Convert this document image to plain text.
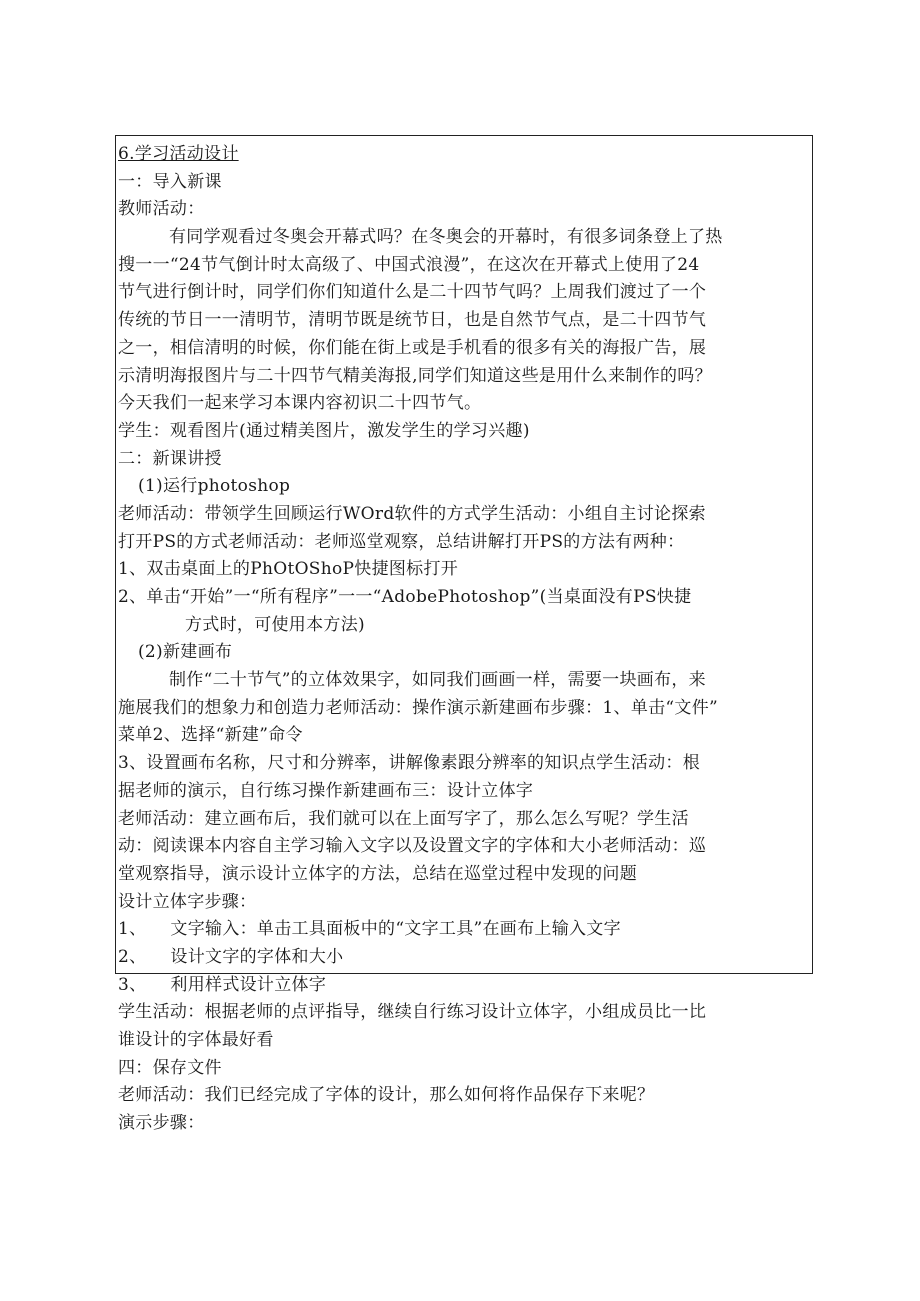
6.学习活动设计
一：导入新课
教师活动：
有同学观看过冬奥会开幕式吗？在冬奥会的开幕时，有很多词条登上了热
搜一一“24节气倒计时太高级了、中国式浪漫”，在这次在开幕式上使用了24
节气进行倒计时，同学们你们知道什么是二十四节气吗？上周我们渡过了一个
传统的节日一一清明节，清明节既是统节日，也是自然节气点，是二十四节气
之一，相信清明的时候，你们能在街上或是手机看的很多有关的海报广告，展
示清明海报图片与二十四节气精美海报,同学们知道这些是用什么来制作的吗？
今天我们一起来学习本课内容初识二十四节气。
学生：观看图片(通过精美图片，激发学生的学习兴趣)
二：新课讲授
(1)运行photoshop
老师活动：带领学生回顾运行WOrd软件的方式学生活动：小组自主讨论探索
打开PS的方式老师活动：老师巡堂观察，总结讲解打开PS的方法有两种：
1、双击桌面上的PhOtOShoP快捷图标打开
2、单击“开始”一“所有程序”一一“AdobePhotoshop”(当桌面没有PS快捷
方式时，可使用本方法)
(2)新建画布
制作“二十节气”的立体效果字，如同我们画画一样，需要一块画布，来
施展我们的想象力和创造力老师活动：操作演示新建画布步骤：1、单击“文件”
菜单2、选择“新建”命令
3、设置画布名称，尺寸和分辨率，讲解像素跟分辨率的知识点学生活动：根
据老师的演示，自行练习操作新建画布三：设计立体字
老师活动：建立画布后，我们就可以在上面写字了，那么怎么写呢？学生活
动：阅读课本内容自主学习输入文字以及设置文字的字体和大小老师活动：巡
堂观察指导，演示设计立体字的方法，总结在巡堂过程中发现的问题
设计立体字步骤：
1、 文字输入：单击工具面板中的“文字工具”在画布上输入文字
2、 设计文字的字体和大小
3、 利用样式设计立体字
学生活动：根据老师的点评指导，继续自行练习设计立体字，小组成员比一比
谁设计的字体最好看
四：保存文件
老师活动：我们已经完成了字体的设计，那么如何将作品保存下来呢？
演示步骤：
